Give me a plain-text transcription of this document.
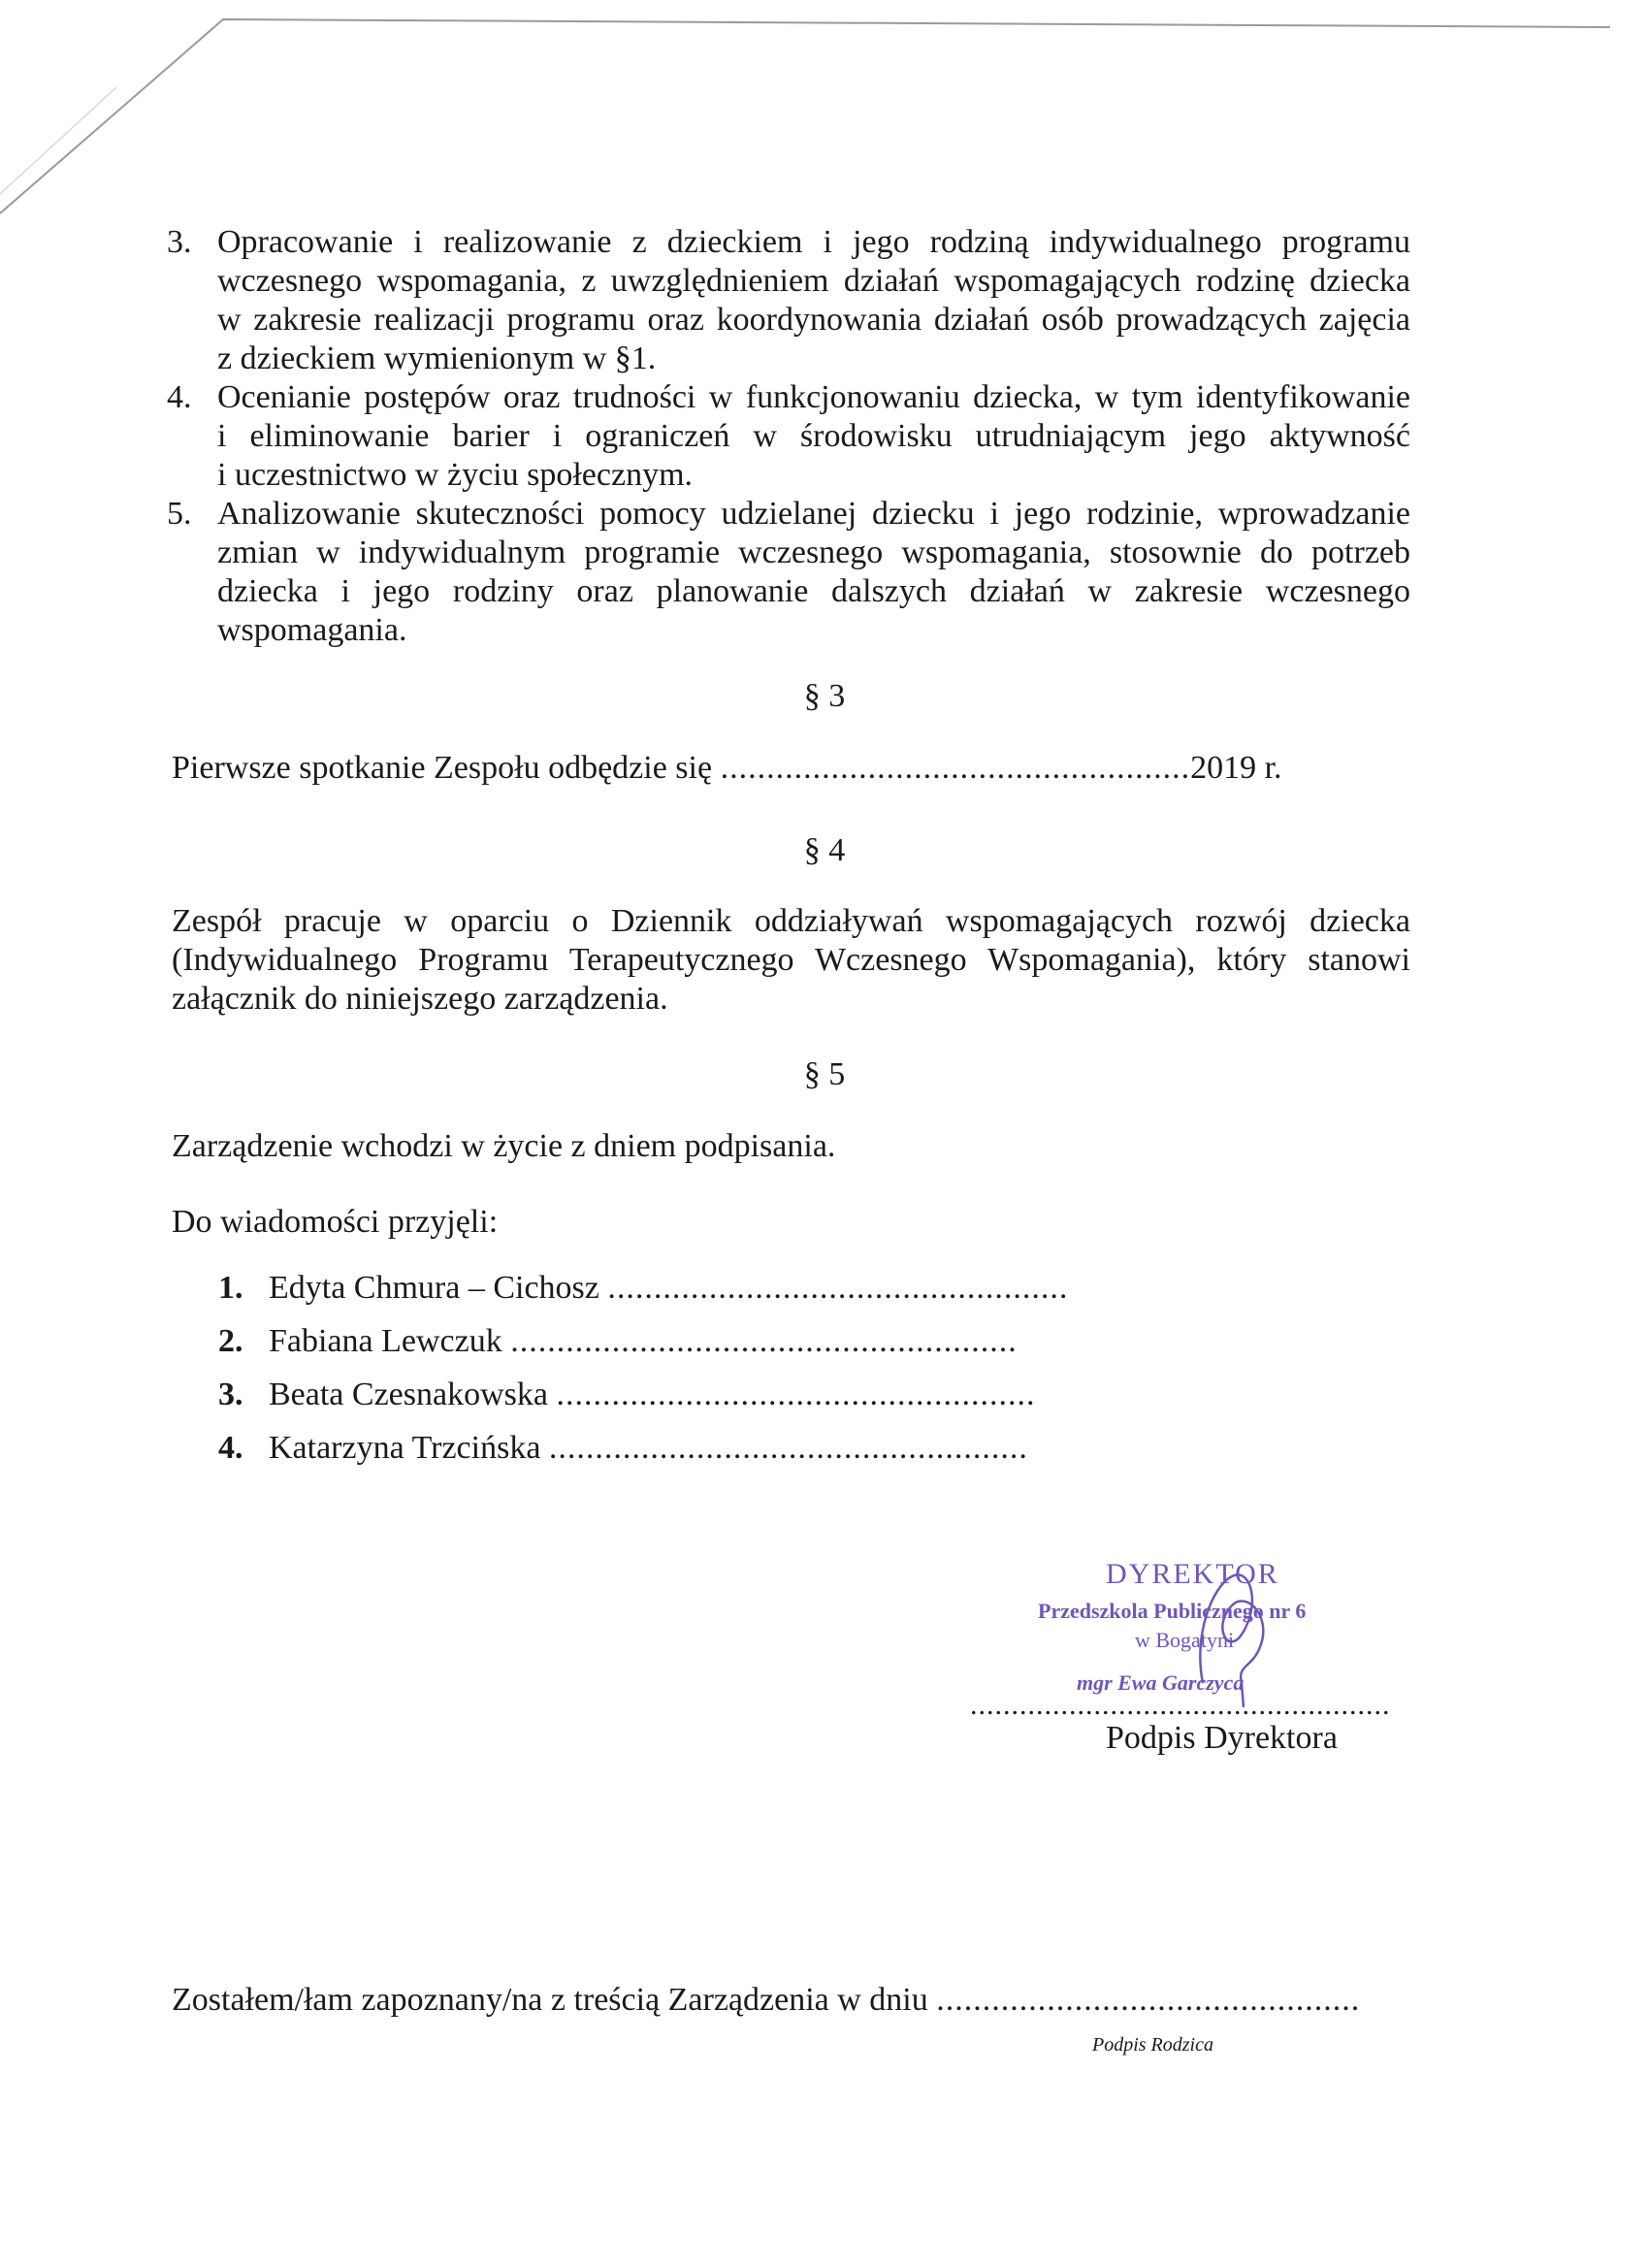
3. Opracowanie i realizowanie z dzieckiem i jego rodziną indywidualnego programu
wczesnego wspomagania, z uwzględnieniem działań wspomagających rodzinę dziecka
w zakresie realizacji programu oraz koordynowania działań osób prowadzących zajęcia
z dzieckiem wymienionym w §1.
4. Ocenianie postępów oraz trudności w funkcjonowaniu dziecka, w tym identyfikowanie
i eliminowanie barier i ograniczeń w środowisku utrudniającym jego aktywność
i uczestnictwo w życiu społecznym.
5. Analizowanie skuteczności pomocy udzielanej dziecku i jego rodzinie, wprowadzanie
zmian w indywidualnym programie wczesnego wspomagania, stosownie do potrzeb
dziecka i jego rodziny oraz planowanie dalszych działań w zakresie wczesnego
wspomagania.
§ 3
Pierwsze spotkanie Zespołu odbędzie się ...................................................2019 r.
§ 4
Zespół pracuje w oparciu o Dziennik oddziaływań wspomagających rozwój dziecka
(Indywidualnego Programu Terapeutycznego Wczesnego Wspomagania), który stanowi
załącznik do niniejszego zarządzenia.
§ 5
Zarządzenie wchodzi w życie z dniem podpisania.
Do wiadomości przyjęli:
1. Edyta Chmura – Cichosz ..................................................
2. Fabiana Lewczuk .......................................................
3. Beata Czesnakowska ....................................................
4. Katarzyna Trzcińska ....................................................
DYREKTOR
Przedszkola Publicznego nr 6
w Bogatyni
mgr Ewa Garczyca
...................................................
Podpis Dyrektora
Zostałem/łam zapoznany/na z treścią Zarządzenia w dniu ..............................................
Podpis Rodzica
